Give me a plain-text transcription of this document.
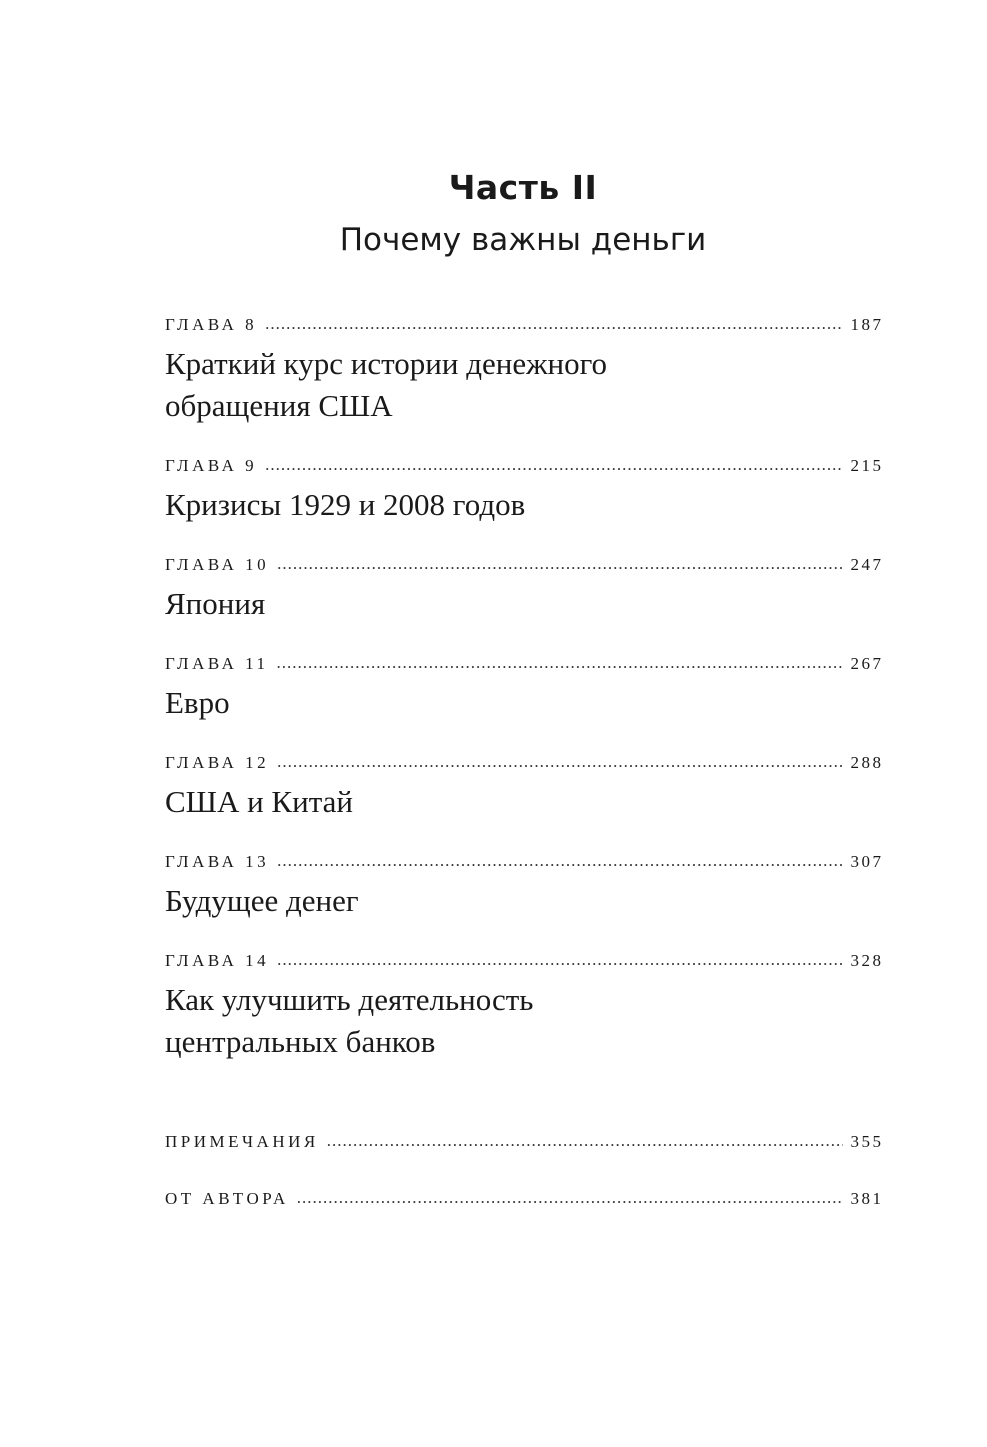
Часть II
Почему важны деньги
ГЛАВА 8 .....	187
Краткий курс истории денежного обращения США
ГЛАВА 9 .....	215
Кризисы 1929 и 2008 годов
ГЛАВА 10 .....	247
Япония
ГЛАВА 11 .....	267
Евро
ГЛАВА 12 .....	288
США и Китай
ГЛАВА 13 .....	307
Будущее денег
ГЛАВА 14 .....	328
Как улучшить деятельность центральных банков
ПРИМЕЧАНИЯ .....	355
ОТ АВТОРА .....	381
